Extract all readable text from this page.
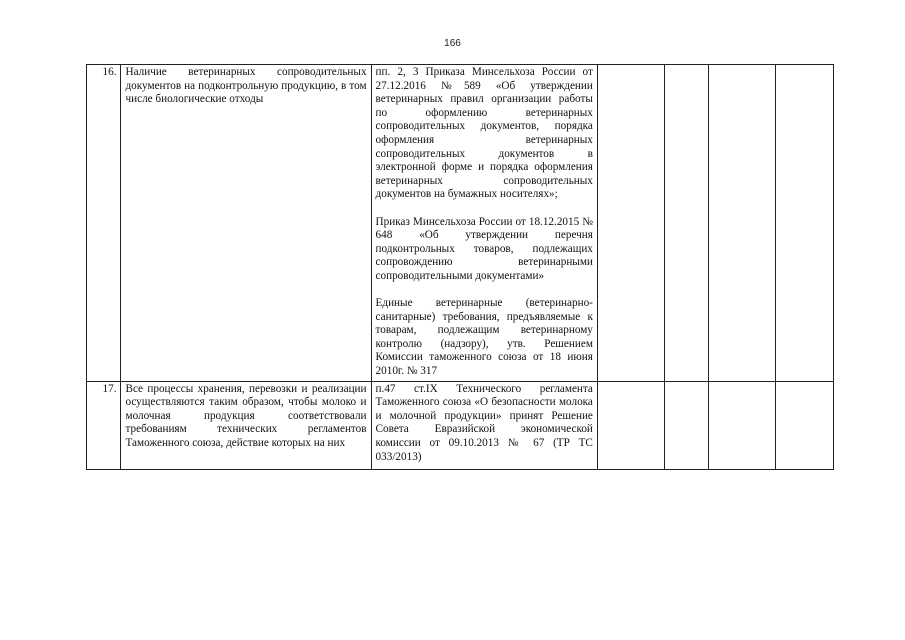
166
16.	Наличие ветеринарных сопроводительных документов на подконтрольную продукцию, в том числе биологические отходы	пп. 2, 3 Приказа Минсельхоза России от 27.12.2016 №589 «Об утверждении ветеринарных правил организации работы по оформлению ветеринарных сопроводительных документов, порядка оформления ветеринарных сопроводительных документов в электронной форме и порядка оформления ветеринарных сопроводительных документов на бумажных носителях»;
Приказ Минсельхоза России от 18.12.2015 № 648 «Об утверждении перечня подконтрольных товаров, подлежащих сопровождению ветеринарными сопроводительными документами»
Единые ветеринарные (ветеринарно-санитарные) требования, предъявляемые к товарам, подлежащим ветеринарному контролю (надзору), утв. Решением Комиссии таможенного союза от 18 июня 2010г. № 317				

17.	Все процессы хранения, перевозки и реализации осуществляются таким образом, чтобы молоко и молочная продукция соответствовали требованиям технических регламентов Таможенного союза, действие которых на них	п.47 ст.IX Технического регламента Таможенного союза «О безопасности молока и молочной продукции» принят Решение Совета Евразийской экономической комиссии от 09.10.2013 № 67 (ТР ТС 033/2013)				
